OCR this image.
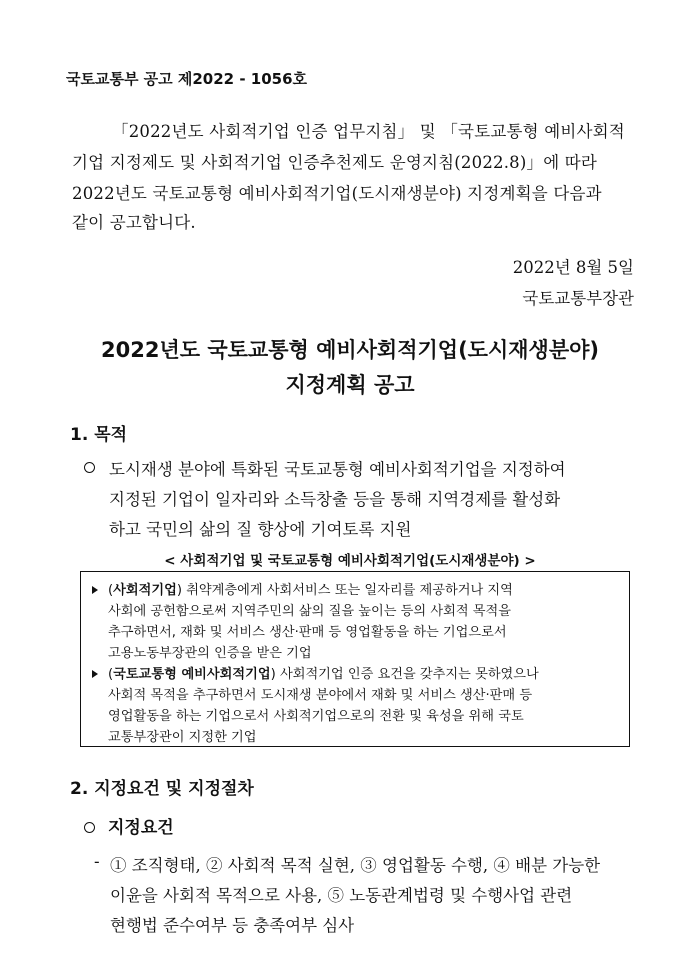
국토교통부 공고 제2022 - 1056호
「2022년도 사회적기업 인증 업무지침」 및 「국토교통형 예비사회적
기업 지정제도 및 사회적기업 인증추천제도 운영지침(2022.8)」에 따라
2022년도 국토교통형 예비사회적기업(도시재생분야) 지정계획을 다음과
같이 공고합니다.
2022년 8월 5일
국토교통부장관
2022년도 국토교통형 예비사회적기업(도시재생분야)
지정계획 공고
1. 목적
도시재생 분야에 특화된 국토교통형 예비사회적기업을 지정하여
지정된 기업이 일자리와 소득창출 등을 통해 지역경제를 활성화
하고 국민의 삶의 질 향상에 기여토록 지원
< 사회적기업 및 국토교통형 예비사회적기업(도시재생분야) >
(사회적기업) 취약계층에게 사회서비스 또는 일자리를 제공하거나 지역
사회에 공헌함으로써 지역주민의 삶의 질을 높이는 등의 사회적 목적을
추구하면서, 재화 및 서비스 생산·판매 등 영업활동을 하는 기업으로서
고용노동부장관의 인증을 받은 기업
(국토교통형 예비사회적기업) 사회적기업 인증 요건을 갖추지는 못하였으나
사회적 목적을 추구하면서 도시재생 분야에서 재화 및 서비스 생산·판매 등
영업활동을 하는 기업으로서 사회적기업으로의 전환 및 육성을 위해 국토
교통부장관이 지정한 기업
2. 지정요건 및 지정절차
지정요건
- ① 조직형태, ② 사회적 목적 실현, ③ 영업활동 수행, ④ 배분 가능한
이윤을 사회적 목적으로 사용, ⑤ 노동관계법령 및 수행사업 관련
현행법 준수여부 등 충족여부 심사
